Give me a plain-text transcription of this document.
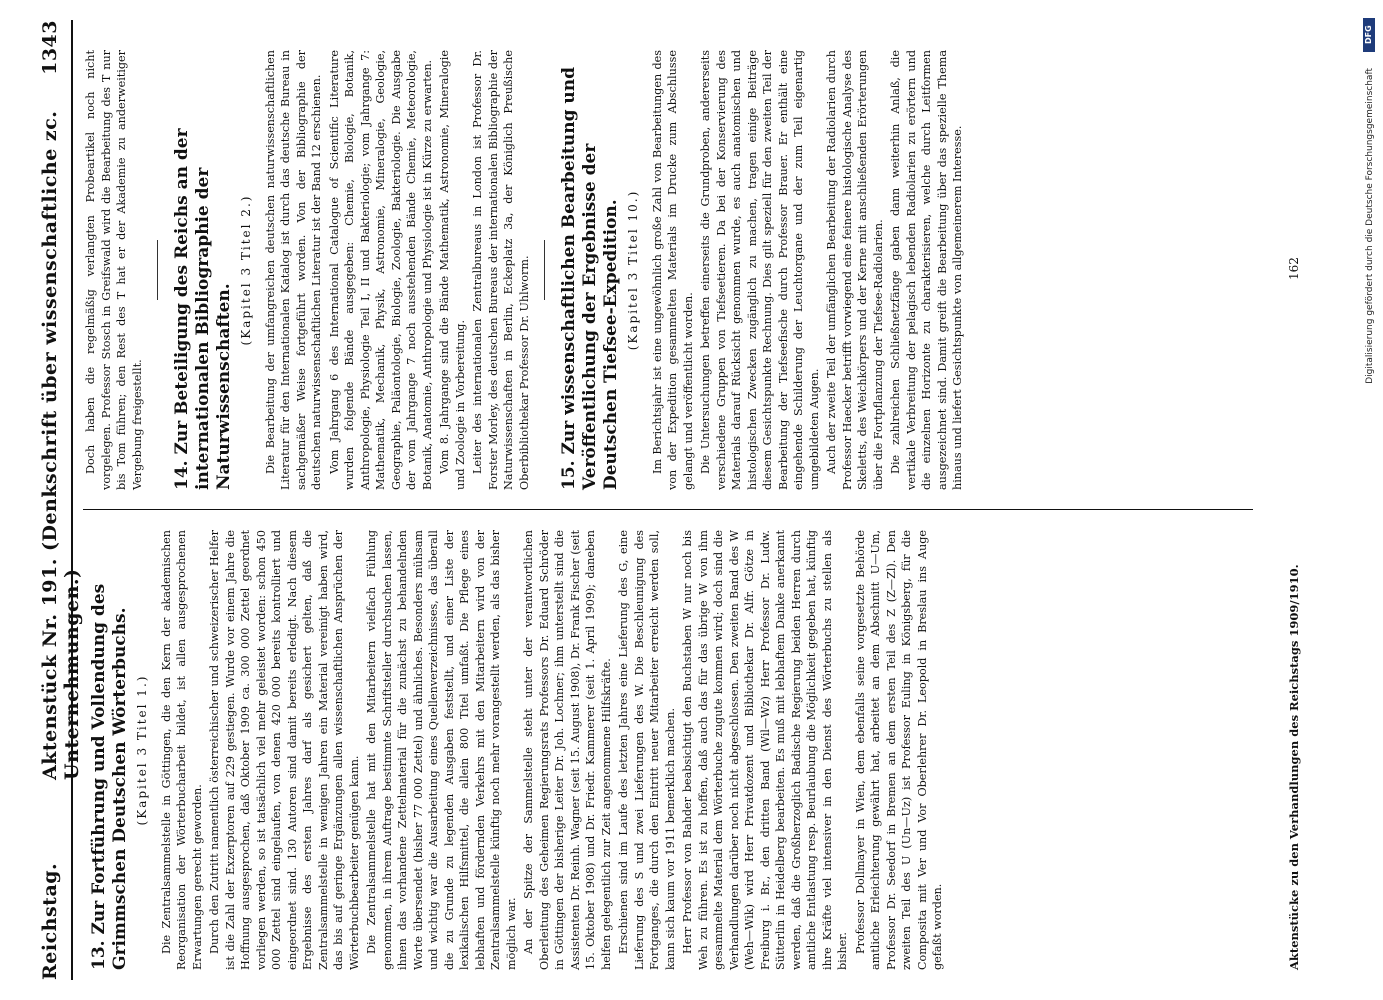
Reichstag.
Aktenstück Nr. 191. (Denkschrift über wissenschaftliche zc. Unternehmungen.)
1343
13. Zur Fortführung und Vollendung des Grimmschen Deutschen Wörterbuchs. (Kapitel 3 Titel 1.) Die Zentralsammelstelle in Göttingen, die den Kern der akademischen Reorganisation der Wörterbucharbeit bildet, ist allen ausgesprochenen Erwartungen gerecht geworden. Durch den Zutritt namentlich österreichischer und schweizerischer Helfer ist die Zahl der Exzerptoren auf 229 gestiegen. Wurde vor einem Jahre die Hoffnung ausgesprochen, daß Oktober 1909 ca. 300 000 Zettel geordnet vorliegen werden, so ist tatsächlich viel mehr geleistet worden: schon 450 000 Zettel sind eingelaufen, von denen 420 000 bereits kontrolliert und eingeordnet sind. 130 Autoren sind damit bereits erledigt. Nach diesem Ergebnisse des ersten Jahres darf als gesichert gelten, daß die Zentralsammelstelle in wenigen Jahren ein Material vereinigt haben wird, das bis auf geringe Ergänzungen allen wissenschaftlichen Ansprüchen der Wörterbuchbearbeiter genügen kann. Die Zentralsammelstelle hat mit den Mitarbeitern vielfach Fühlung genommen, in ihrem Auftrage bestimmte Schriftsteller durchsuchen lassen, ihnen das vorhandene Zettelmaterial für die zunächst zu behandelnden Worte übersendet (bisher 77 000 Zettel) und ähnliches. Besonders mühsam und wichtig war die Ausarbeitung eines Quellenverzeichnisses, das überall die zu Grunde zu legenden Ausgaben feststellt, und einer Liste der lexikalischen Hilfsmittel, die allein 800 Titel umfaßt. Die Pflege eines lebhaften und fördernden Verkehrs mit den Mitarbeitern wird von der Zentralsammelstelle künftig noch mehr vorangestellt werden, als das bisher möglich war. An der Spitze der Sammelstelle steht unter der verantwortlichen Oberleitung des Geheimen Regierungsrats Professors Dr. Eduard Schröder in Göttingen der bisherige Leiter Dr. Joh. Lochner; ihm unterstellt sind die Assistenten Dr. Reinh. Wagner (seit 15. August 1908), Dr. Frank Fischer (seit 15. Oktober 1908) und Dr. Friedr. Kammerer (seit 1. April 1909); daneben helfen gelegentlich zur Zeit angenommene Hilfskräfte. Erschienen sind im Laufe des letzten Jahres eine Lieferung des G, eine Lieferung des S und zwei Lieferungen des W. Die Beschleunigung des Fortganges, die durch den Eintritt neuer Mitarbeiter erreicht werden soll, kann sich kaum vor 1911 bemerklich machen. Herr Professor von Bahder beabsichtigt den Buchstaben W nur noch bis Weh zu führen. Es ist zu hoffen, daß auch das für das übrige W von ihm gesammelte Material dem Wörterbuche zugute kommen wird; doch sind die Verhandlungen darüber noch nicht abgeschlossen. Den zweiten Band des W (Weh—Wik) wird Herr Privatdozent und Bibliothekar Dr. Alfr. Götze in Freiburg i. Br., den dritten Band (Wil—Wz) Herr Professor Dr. Ludw. Sütterlin in Heidelberg bearbeiten. Es muß mit lebhaftem Danke anerkannt werden, daß die Großherzoglich Badische Regierung beiden Herren durch amtliche Entlastung resp. Beurlaubung die Möglichkeit gegeben hat, künftig ihre Kräfte viel intensiver in den Dienst des Wörterbuchs zu stellen als bisher. Professor Dollmayer in Wien, dem ebenfalls seine vorgesetzte Behörde amtliche Erleichterung gewährt hat, arbeitet an dem Abschnitt U—Um, Professor Dr. Seedorf in Bremen an dem ersten Teil des Z (Z—Zl). Den zweiten Teil des U (Un—Uz) ist Professor Euling in Königsberg, für die Composita mit Ver und Vor Oberlehrer Dr. Leopold in Breslau ins Auge gefaßt worden.

Doch haben die regelmäßig verlangten Probeartikel noch nicht vorgelegen. Professor Stosch in Greifswald wird die Bearbeitung des T nur bis Tom führen; den Rest des T hat er der Akademie zu anderweitiger Vergebung freigestellt. 14. Zur Beteiligung des Reichs an der internationalen Bibliographie der Naturwissenschaften.
(Kapitel 3 Titel 2.) Die Bearbeitung der umfangreichen deutschen naturwissenschaftlichen Literatur für den Internationalen Katalog ist durch das deutsche Bureau in sachgemäßer Weise fortgeführt worden. Von der Bibliographie der deutschen naturwissenschaftlichen Literatur ist der Band 12 erschienen. Vom Jahrgang 6 des International Catalogue of Scientific Literature wurden folgende Bände ausgegeben: Chemie, Biologie, Botanik, Anthropologie, Physiologie Teil I, II und Bakteriologie; vom Jahrgange 7: Mathematik, Mechanik, Physik, Astronomie, Mineralogie, Geologie, Geographie, Paläontologie, Biologie, Zoologie, Bakteriologie. Die Ausgabe der vom Jahrgange 7 noch ausstehenden Bände Chemie, Meteorologie, Botanik, Anatomie, Anthropologie und Physiologie ist in Kürze zu erwarten. Vom 8. Jahrgange sind die Bände Mathematik, Astronomie, Mineralogie und Zoologie in Vorbereitung. Leiter des internationalen Zentralbureaus in London ist Professor Dr. Forster Morley, des deutschen Bureaus der internationalen Bibliographie der Naturwissenschaften in Berlin, Eckeplatz 3a, der Königlich Preußische Oberbibliothekar Professor Dr. Uhlworm. 15. Zur wissenschaftlichen Bearbeitung und Veröffentlichung der Ergebnisse der Deutschen Tiefsee-Expedition. (Kapitel 3 Titel 10.) Im Berichtsjahr ist eine ungewöhnlich große Zahl von Bearbeitungen des von der Expedition gesammelten Materials im Drucke zum Abschlusse gelangt und veröffentlicht worden. Die Untersuchungen betreffen einerseits die Grundproben, andererseits verschiedene Gruppen von Tiefseetieren. Da bei der Konservierung des Materials darauf Rücksicht genommen wurde, es auch anatomischen und histologischen Zwecken zugänglich zu machen, tragen einige Beiträge diesem Gesichtspunkte Rechnung. Dies gilt speziell für den zweiten Teil der Bearbeitung der Tiefseefische durch Professor Brauer. Er enthält eine eingehende Schilderung der Leuchtorgane und der zum Teil eigenartig umgebildeten Augen. Auch der zweite Teil der umfänglichen Bearbeitung der Radiolarien durch Professor Haecker betrifft vorwiegend eine feinere histologische Analyse des Skeletts, des Weichkörpers und der Kerne mit anschließenden Erörterungen über die Fortpflanzung der Tiefsee-Radiolarien. Die zahlreichen Schließnetzfänge gaben dann weiterhin Anlaß, die vertikale Verbreitung der pelagisch lebenden Radiolarien zu erörtern und die einzelnen Horizonte zu charakterisieren, welche durch Leitformen ausgezeichnet sind. Damit greift die Bearbeitung über das spezielle Thema hinaus und liefert Gesichtspunkte von allgemeinerem Interesse.

Aktenstücke zu den Verhandlungen des Reichstags 1909/1910.
162
DFG
Digitalisierung gefördert durch die Deutsche Forschungsgemeinschaft
